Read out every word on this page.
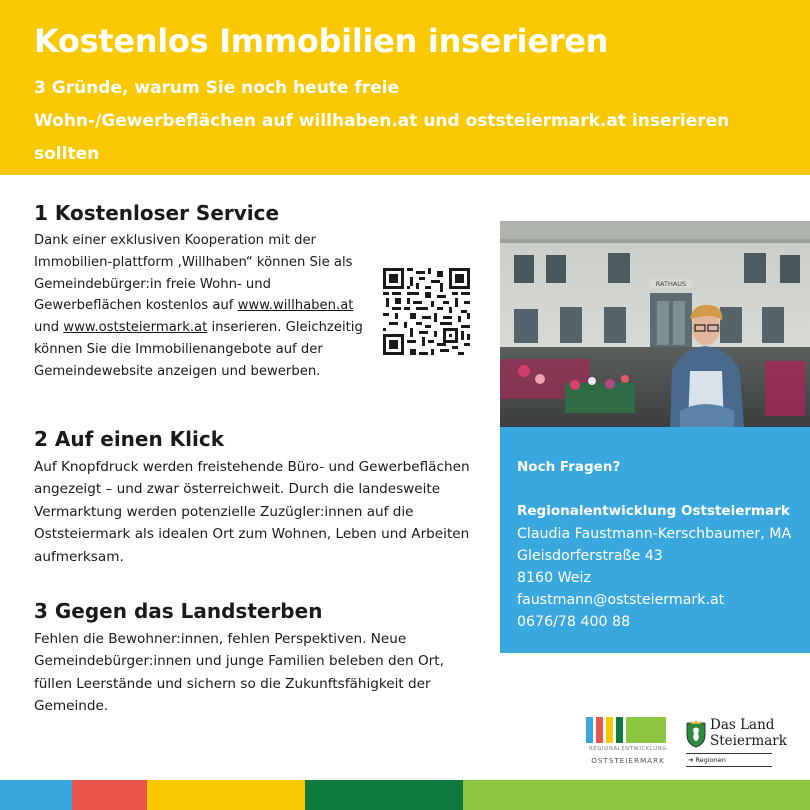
Kostenlos Immobilien inserieren
3 Gründe, warum Sie noch heute freie
Wohn-/Gewerbeflächen auf willhaben.at und oststeiermark.at inserieren
sollten
1 Kostenloser Service

Dank einer exklusiven Kooperation mit der Immobilien-plattform ‚Willhaben“ können Sie als Gemeindebürger:in freie Wohn- und Gewerbeflächen kostenlos auf www.willhaben.at und www.oststeiermark.at inserieren. Gleichzeitig können Sie die Immobilienangebote auf der Gemeindewebsite anzeigen und bewerben.

2 Auf einen Klick

Auf Knopfdruck werden freistehende Büro- und Gewerbeflächen angezeigt – und zwar österreichweit. Durch die landesweite Vermarktung werden potenzielle Zuzügler:innen auf die Oststeiermark als idealen Ort zum Wohnen, Leben und Arbeiten aufmerksam.

3 Gegen das Landsterben

Fehlen die Bewohner:innen, fehlen Perspektiven. Neue Gemeindebürger:innen und junge Familien beleben den Ort, füllen Leerstände und sichern so die Zukunftsfähigkeit der Gemeinde.

RATHAUS
Noch Fragen?
Regionalentwicklung Oststeiermark
Claudia Faustmann-Kerschbaumer, MA
Gleisdorferstraße 43
8160 Weiz
faustmann@oststeiermark.at
0676/78 400 88
REGIONALENTWICKLUNG
OSTSTEIERMARK
Das Land
Steiermark
➔ Regionen
